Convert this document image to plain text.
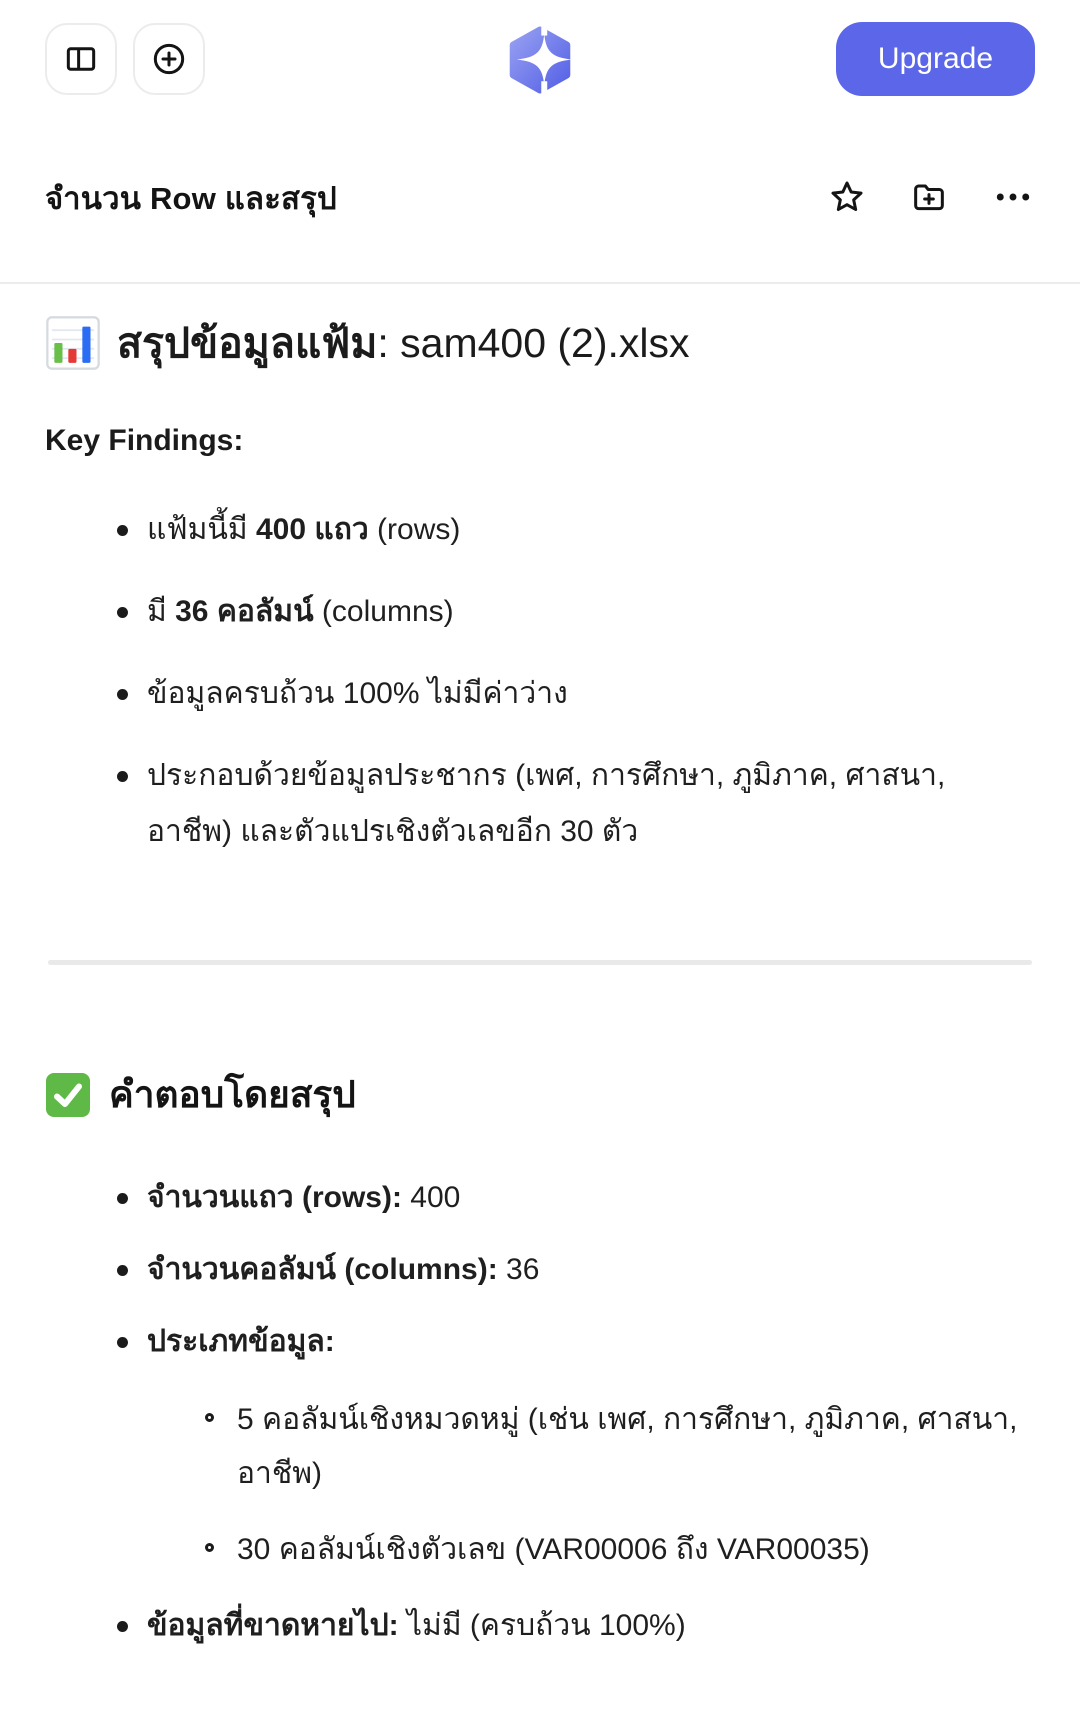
Upgrade
จำนวน Row และสรุป
สรุปข้อมูลแฟ้ม: sam400 (2).xlsx

Key Findings:

แฟ้มนี้มี 400 แถว (rows)
มี 36 คอลัมน์ (columns)
ข้อมูลครบถ้วน 100% ไม่มีค่าว่าง
ประกอบด้วยข้อมูลประชากร (เพศ, การศึกษา, ภูมิภาค, ศาสนา, อาชีพ) และตัวแปรเชิงตัวเลขอีก 30 ตัว
คำตอบโดยสรุป
จำนวนแถว (rows): 400
จำนวนคอลัมน์ (columns): 36
ประเภทข้อมูล:
5 คอลัมน์เชิงหมวดหมู่ (เช่น เพศ, การศึกษา, ภูมิภาค, ศาสนา, อาชีพ)
30 คอลัมน์เชิงตัวเลข (VAR00006 ถึง VAR00035)
ข้อมูลที่ขาดหายไป: ไม่มี (ครบถ้วน 100%)
